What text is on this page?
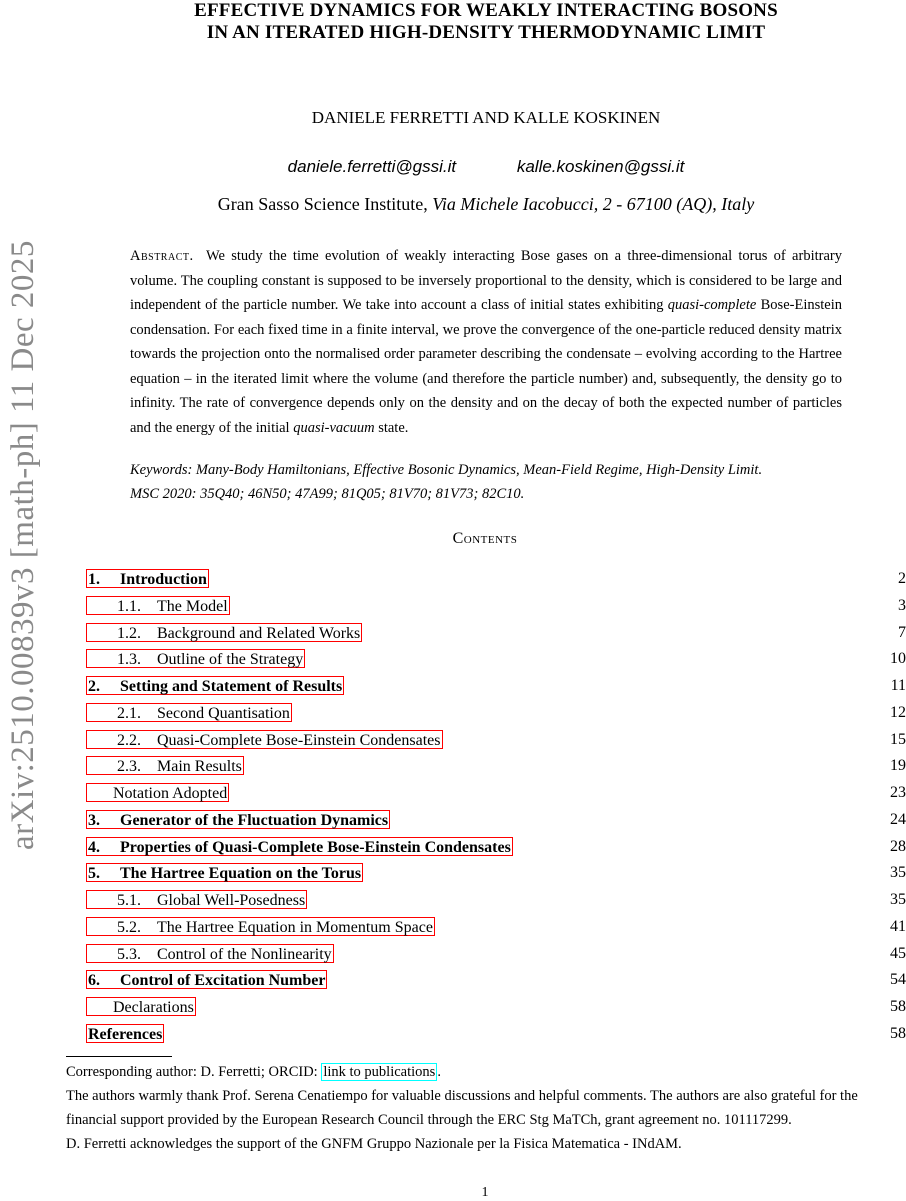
arXiv:2510.00839v3 [math-ph] 11 Dec 2025
EFFECTIVE DYNAMICS FOR WEAKLY INTERACTING BOSONS
IN AN ITERATED HIGH-DENSITY THERMODYNAMIC LIMIT
DANIELE FERRETTI AND KALLE KOSKINEN
daniele.ferretti@gssi.it	kalle.koskinen@gssi.it
Gran Sasso Science Institute, Via Michele Iacobucci, 2 - 67100 (AQ), Italy
Abstract. We study the time evolution of weakly interacting Bose gases on a three-dimensional torus of arbitrary volume. The coupling constant is supposed to be inversely proportional to the density, which is considered to be large and independent of the particle number. We take into account a class of initial states exhibiting quasi-complete Bose-Einstein condensation. For each fixed time in a finite interval, we prove the convergence of the one-particle reduced density matrix towards the projection onto the normalised order parameter describing the condensate – evolving according to the Hartree equation – in the iterated limit where the volume (and therefore the particle number) and, subsequently, the density go to infinity. The rate of convergence depends only on the density and on the decay of both the expected number of particles and the energy of the initial quasi-vacuum state.
Keywords: Many-Body Hamiltonians, Effective Bosonic Dynamics, Mean-Field Regime, High-Density Limit.
MSC 2020: 35Q40; 46N50; 47A99; 81Q05; 81V70; 81V73; 82C10.
Contents
1. Introduction	2
1.1. The Model	3
1.2. Background and Related Works	7
1.3. Outline of the Strategy	10
2. Setting and Statement of Results	11
2.1. Second Quantisation	12
2.2. Quasi-Complete Bose-Einstein Condensates	15
2.3. Main Results	19
Notation Adopted	23
3. Generator of the Fluctuation Dynamics	24
4. Properties of Quasi-Complete Bose-Einstein Condensates	28
5. The Hartree Equation on the Torus	35
5.1. Global Well-Posedness	35
5.2. The Hartree Equation in Momentum Space	41
5.3. Control of the Nonlinearity	45
6. Control of Excitation Number	54
Declarations	58
References	58

Corresponding author: D. Ferretti; ORCID: link to publications .

The authors warmly thank Prof. Serena Cenatiempo for valuable discussions and helpful comments. The authors are also grateful for the financial support provided by the European Research Council through the ERC Stg MaTCh, grant agreement no. 101117299.

D. Ferretti acknowledges the support of the GNFM Gruppo Nazionale per la Fisica Matematica - INdAM.

1
